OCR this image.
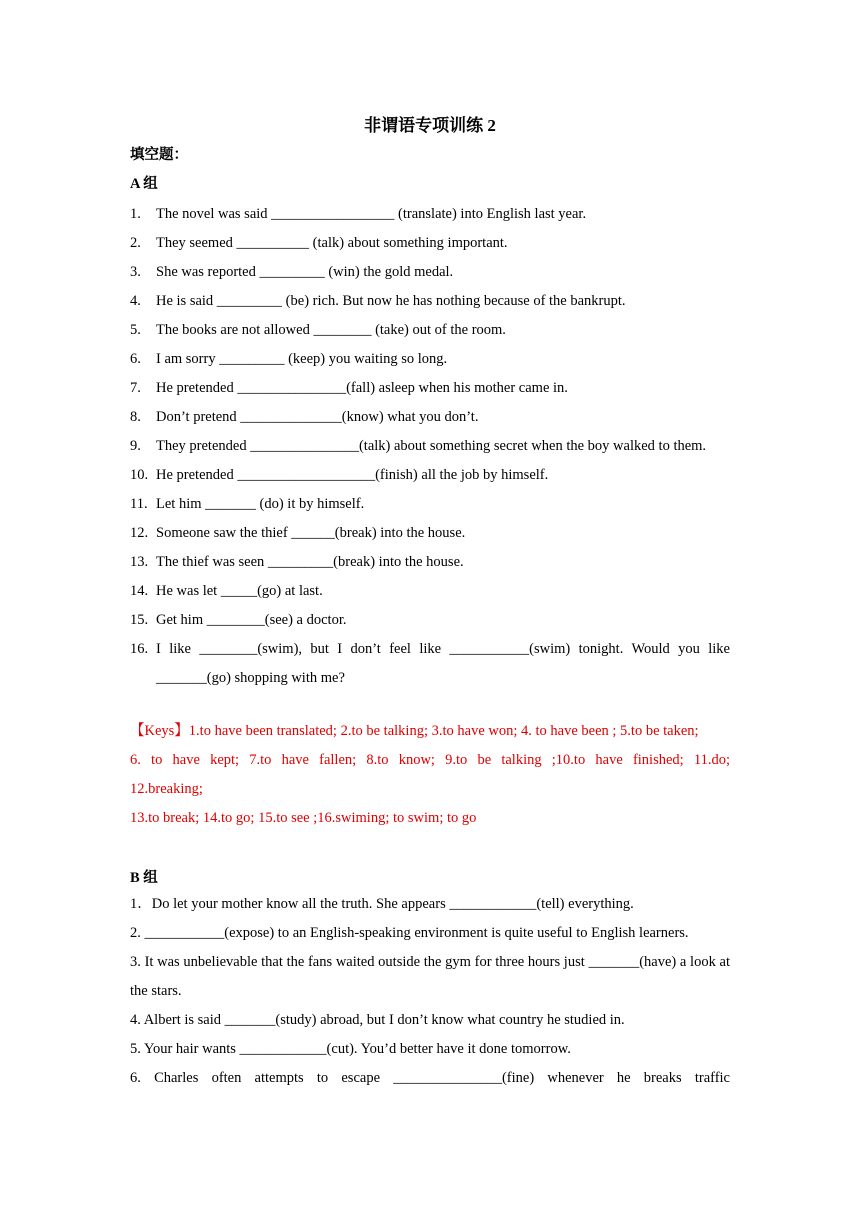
非谓语专项训练 2
填空题：
A 组
1.	The novel was said _________________ (translate) into English last year.
2.	They seemed __________ (talk) about something important.
3.	She was reported _________ (win) the gold medal.
4.	He is said _________ (be) rich. But now he has nothing because of the bankrupt.
5.	The books are not allowed ________ (take) out of the room.
6.	I am sorry _________ (keep) you waiting so long.
7.	He pretended _______________(fall) asleep when his mother came in.
8.	Don’t pretend ______________(know) what you don’t.
9.	They pretended _______________(talk) about something secret when the boy walked to them.
10. He pretended ___________________(finish) all the job by himself.
11. Let him _______ (do) it by himself.
12. Someone saw the thief ______(break) into the house.
13. The thief was seen _________(break) into the house.
14. He was let _____(go) at last.
15. Get him ________(see) a doctor.
16. I like ________(swim), but I don’t feel like ___________(swim) tonight. Would you like _______(go) shopping with me?

【Keys】1.to have been translated; 2.to be talking; 3.to have won; 4. to have been ; 5.to be taken;

6. to have kept; 7.to have fallen; 8.to know; 9.to be talking ;10.to have finished; 11.do;

12.breaking;

13.to break; 14.to go; 15.to see ;16.swiming; to swim; to go

B 组

1．Do let your mother know all the truth. She appears ____________(tell) everything.

2. ___________(expose) to an English-speaking environment is quite useful to English learners.

3. It was unbelievable that the fans waited outside the gym for three hours just _______(have) a look at the stars.

4. Albert is said _______(study) abroad, but I don’t know what country he studied in.

5. Your hair wants ____________(cut). You’d better have it done tomorrow.

6. Charles often attempts to escape _______________(fine) whenever he breaks traffic
